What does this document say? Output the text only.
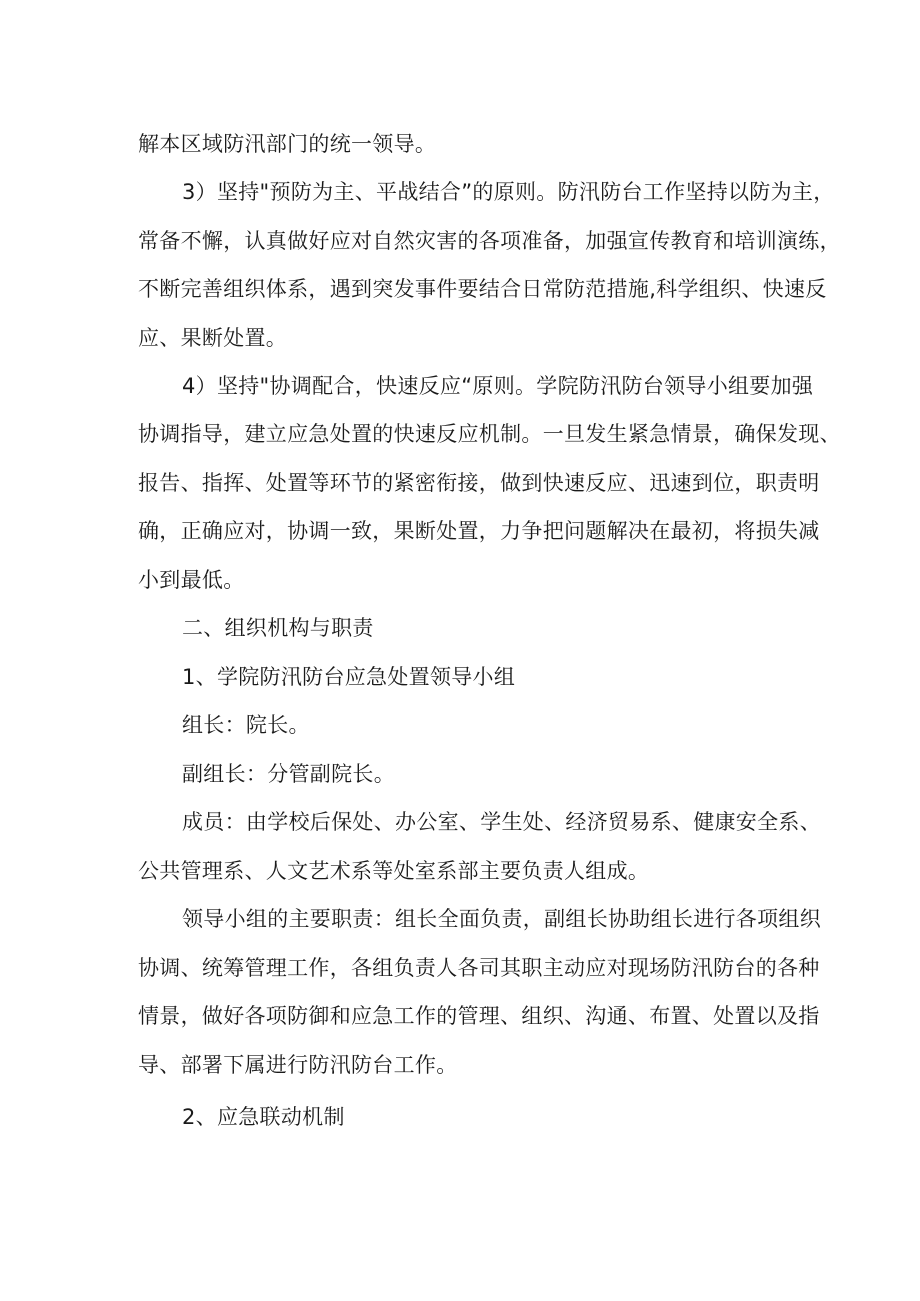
解本区域防汛部门的统一领导。
3）坚持"预防为主、平战结合”的原则。防汛防台工作坚持以防为主，
常备不懈，认真做好应对自然灾害的各项准备，加强宣传教育和培训演练，
不断完善组织体系，遇到突发事件要结合日常防范措施,科学组织、快速反
应、果断处置。
4）坚持"协调配合，快速反应“原则。学院防汛防台领导小组要加强
协调指导，建立应急处置的快速反应机制。一旦发生紧急情景，确保发现、
报告、指挥、处置等环节的紧密衔接，做到快速反应、迅速到位，职责明
确，正确应对，协调一致，果断处置，力争把问题解决在最初，将损失减
小到最低。
二、组织机构与职责
1、学院防汛防台应急处置领导小组
组长：院长。
副组长：分管副院长。
成员：由学校后保处、办公室、学生处、经济贸易系、健康安全系、
公共管理系、人文艺术系等处室系部主要负责人组成。
领导小组的主要职责：组长全面负责，副组长协助组长进行各项组织
协调、统筹管理工作，各组负责人各司其职主动应对现场防汛防台的各种
情景，做好各项防御和应急工作的管理、组织、沟通、布置、处置以及指
导、部署下属进行防汛防台工作。
2、应急联动机制
